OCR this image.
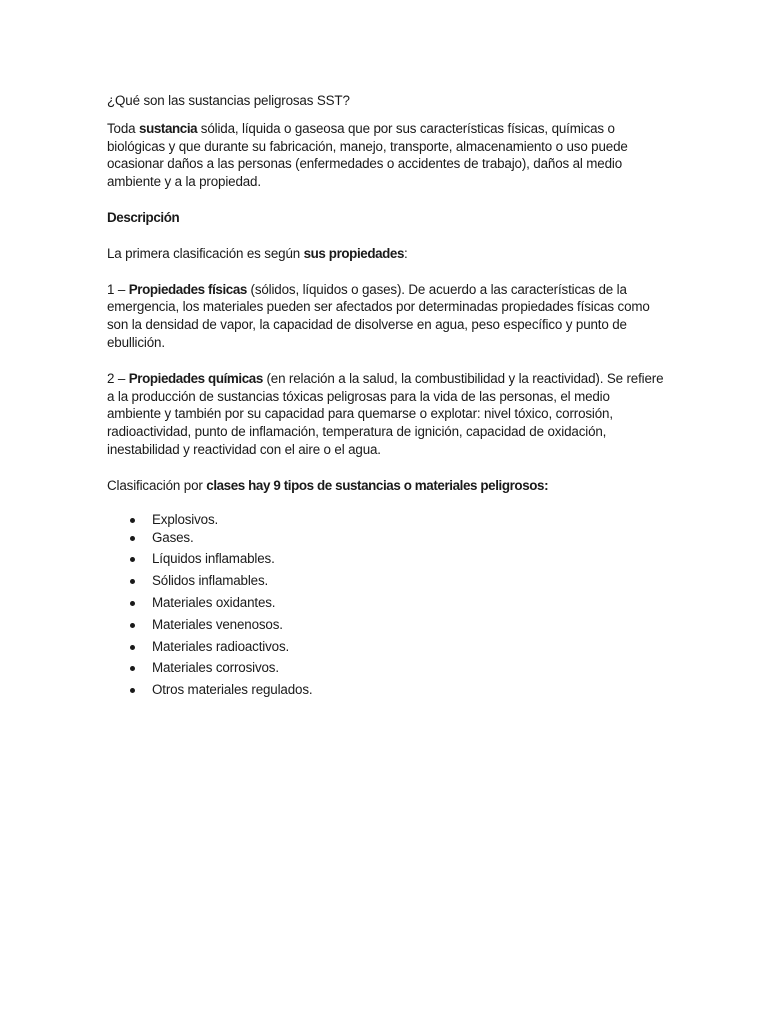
¿Qué son las sustancias peligrosas SST?

Toda sustancia sólida, líquida o gaseosa que por sus características físicas, químicas o biológicas y que durante su fabricación, manejo, transporte, almacenamiento o uso puede ocasionar daños a las personas (enfermedades o accidentes de trabajo), daños al medio ambiente y a la propiedad.

Descripción

La primera clasificación es según sus propiedades:

1 – Propiedades físicas (sólidos, líquidos o gases). De acuerdo a las características de la emergencia, los materiales pueden ser afectados por determinadas propiedades físicas como son la densidad de vapor, la capacidad de disolverse en agua, peso específico y punto de ebullición.

2 – Propiedades químicas (en relación a la salud, la combustibilidad y la reactividad). Se refiere a la producción de sustancias tóxicas peligrosas para la vida de las personas, el medio ambiente y también por su capacidad para quemarse o explotar: nivel tóxico, corrosión, radioactividad, punto de inflamación, temperatura de ignición, capacidad de oxidación, inestabilidad y reactividad con el aire o el agua.

Clasificación por clases hay 9 tipos de sustancias o materiales peligrosos:

Explosivos.
Gases.
Líquidos inflamables.
Sólidos inflamables.
Materiales oxidantes.
Materiales venenosos.
Materiales radioactivos.
Materiales corrosivos.
Otros materiales regulados.
